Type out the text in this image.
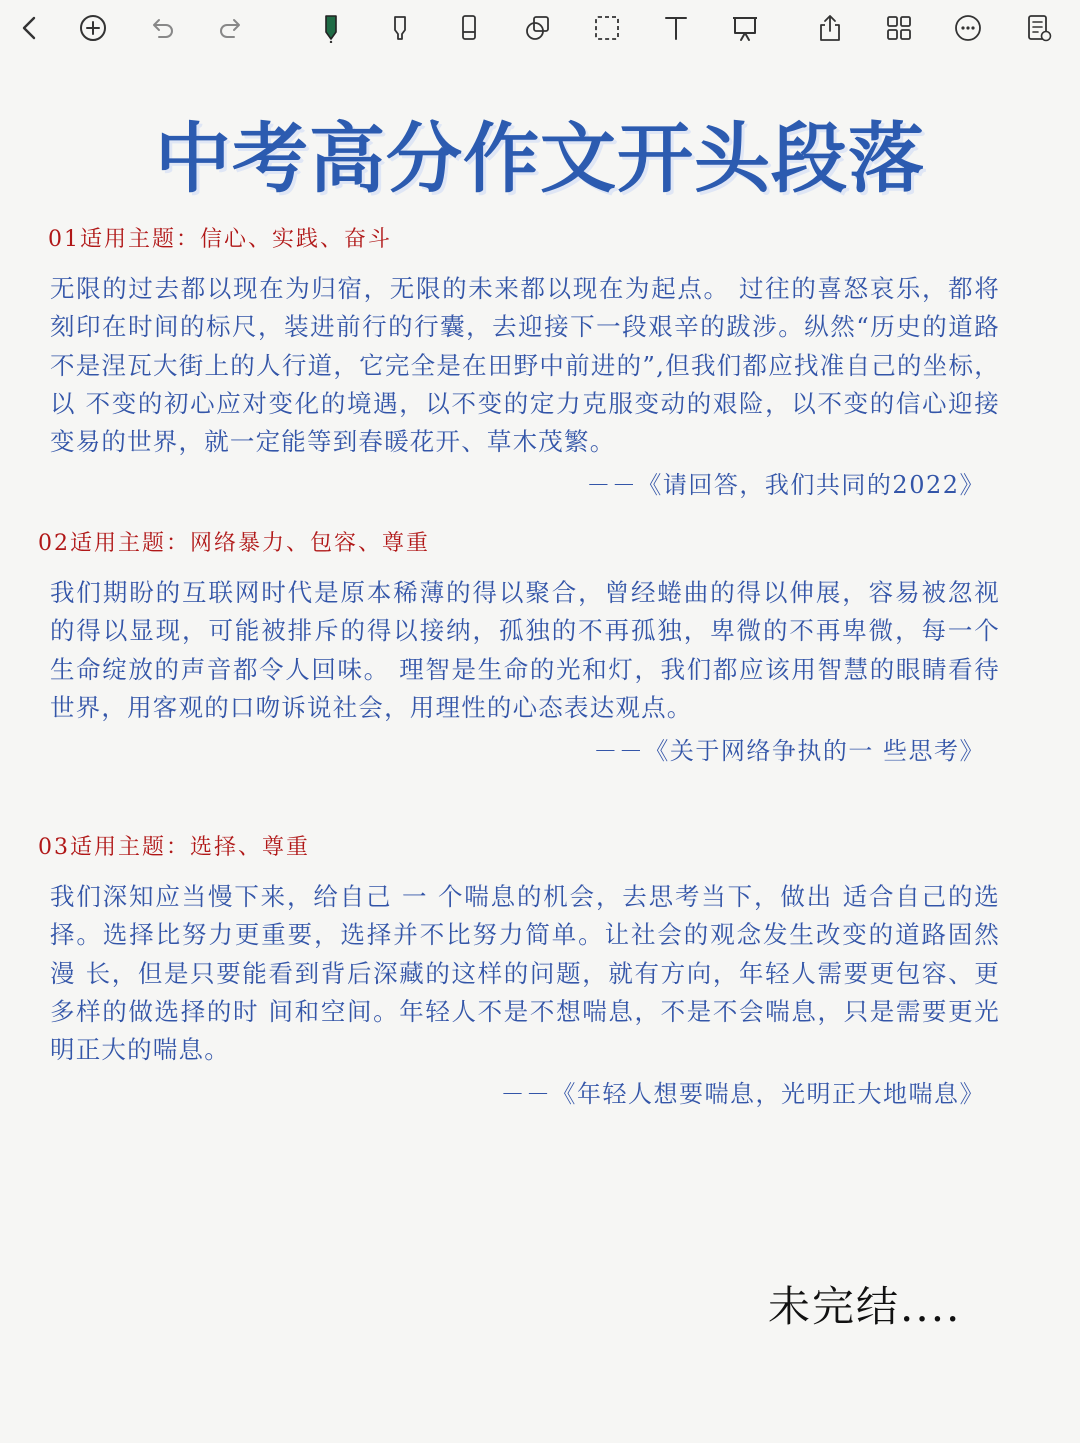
中考高分作文开头段落
01适用主题：信心、实践、奋斗

无限的过去都以现在为归宿，无限的未来都以现在为起点。 过往的喜怒哀乐，都将刻印在时间的标尺，装进前行的行囊，去迎接下一段艰辛的跋涉。纵然“历史的道路不是涅瓦大街上的人行道，它完全是在田野中前进的”,但我们都应找准自己的坐标，以 不变的初心应对变化的境遇，以不变的定力克服变动的艰险，以不变的信心迎接变易的世界，就一定能等到春暖花开、草木茂繁。

－－《请回答，我们共同的2022》
02适用主题：网络暴力、包容、尊重

我们期盼的互联网时代是原本稀薄的得以聚合，曾经蜷曲的得以伸展，容易被忽视的得以显现，可能被排斥的得以接纳，孤独的不再孤独，卑微的不再卑微，每一个生命绽放的声音都令人回味。 理智是生命的光和灯，我们都应该用智慧的眼睛看待世界，用客观的口吻诉说社会，用理性的心态表达观点。

－－《关于网络争执的一 些思考》
03适用主题：选择、尊重

我们深知应当慢下来，给自己 一 个喘息的机会，去思考当下，做出 适合自己的选择。选择比努力更重要，选择并不比努力简单。让社会的观念发生改变的道路固然漫 长，但是只要能看到背后深藏的这样的问题，就有方向，年轻人需要更包容、更多样的做选择的时 间和空间。年轻人不是不想喘息，不是不会喘息，只是需要更光明正大的喘息。

－－《年轻人想要喘息，光明正大地喘息》
未完结....
